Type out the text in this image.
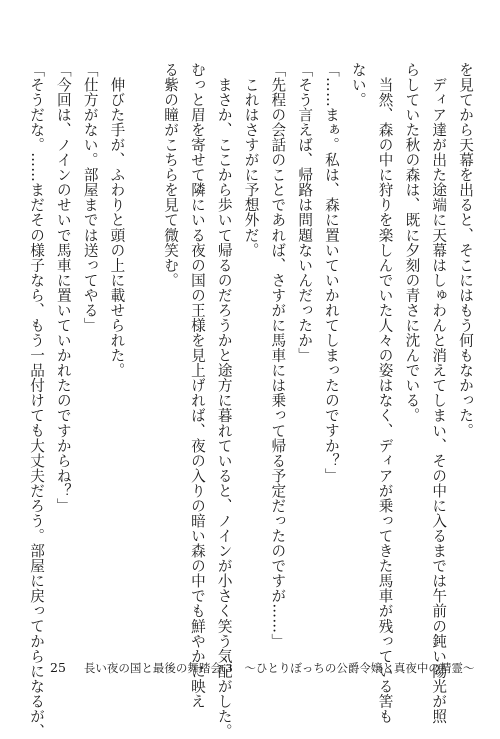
を見てから天幕を出ると、そこにはもう何もなかった。
　ディア達が出た途端に天幕はしゅわんと消えてしまい、その中に入るまでは午前の鈍い陽光が照
らしていた秋の森は、既に夕刻の青さに沈んでいる。
　当然、森の中に狩りを楽しんでいた人々の姿はなく、ディアが乗ってきた馬車が残っている筈も
ない。
「……まぁ。私は、森に置いていかれてしまったのですか？」
「そう言えば、帰路は問題ないんだったか」
「先程の会話のことであれば、さすがに馬車には乗って帰る予定だったのですが……」
　これはさすがに予想外だ。
　まさか、ここから歩いて帰るのだろうかと途方に暮れていると、ノインが小さく笑う気配がした。
むっと眉を寄せて隣にいる夜の国の王様を見上げれば、夜の入りの暗い森の中でも鮮やかに映え
る紫の瞳がこちらを見て微笑む。
　伸びた手が、ふわりと頭の上に載せられた。
「仕方がない。部屋までは送ってやる」
「今回は、ノインのせいで馬車に置いていかれたのですからね？」
「そうだな。……まだその様子なら、もう一品付けても大丈夫だろう。部屋に戻ってからになるが、 25 長い夜の国と最後の舞踏会 3　～ひとりぼっちの公爵令嬢と真夜中の精霊～
